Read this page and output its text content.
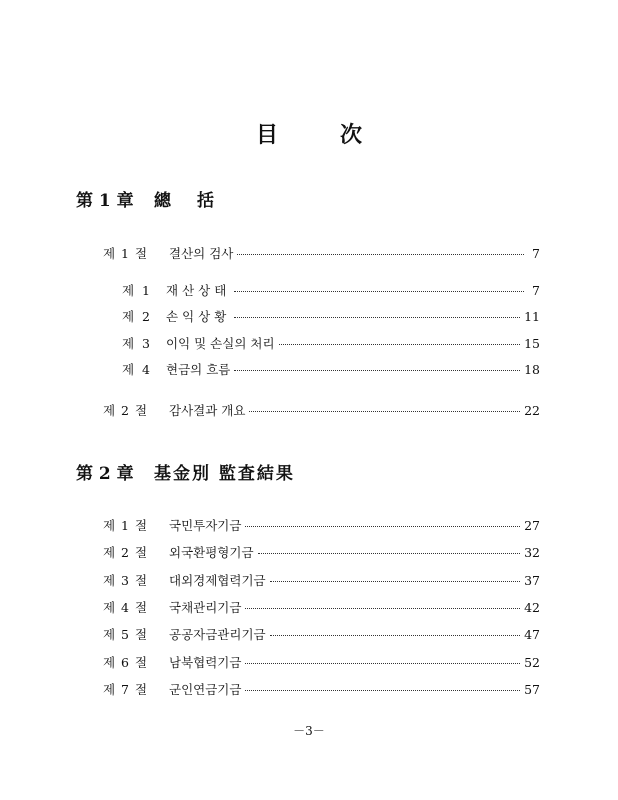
目次
第 1 章 總括
제 1 절	결산의 검사	7
제 1	재산상태	7
제 2	손익상황	11
제 3	이익 및 손실의 처리	15
제 4	현금의 흐름	18
제 2 절	감사결과 개요	22
第 2 章 基金別 監査結果
제 1 절	국민투자기금	27
제 2 절	외국환평형기금	32
제 3 절	대외경제협력기금	37
제 4 절	국채관리기금	42
제 5 절	공공자금관리기금	47
제 6 절	남북협력기금	52
제 7 절	군인연금기금	57
－3－
